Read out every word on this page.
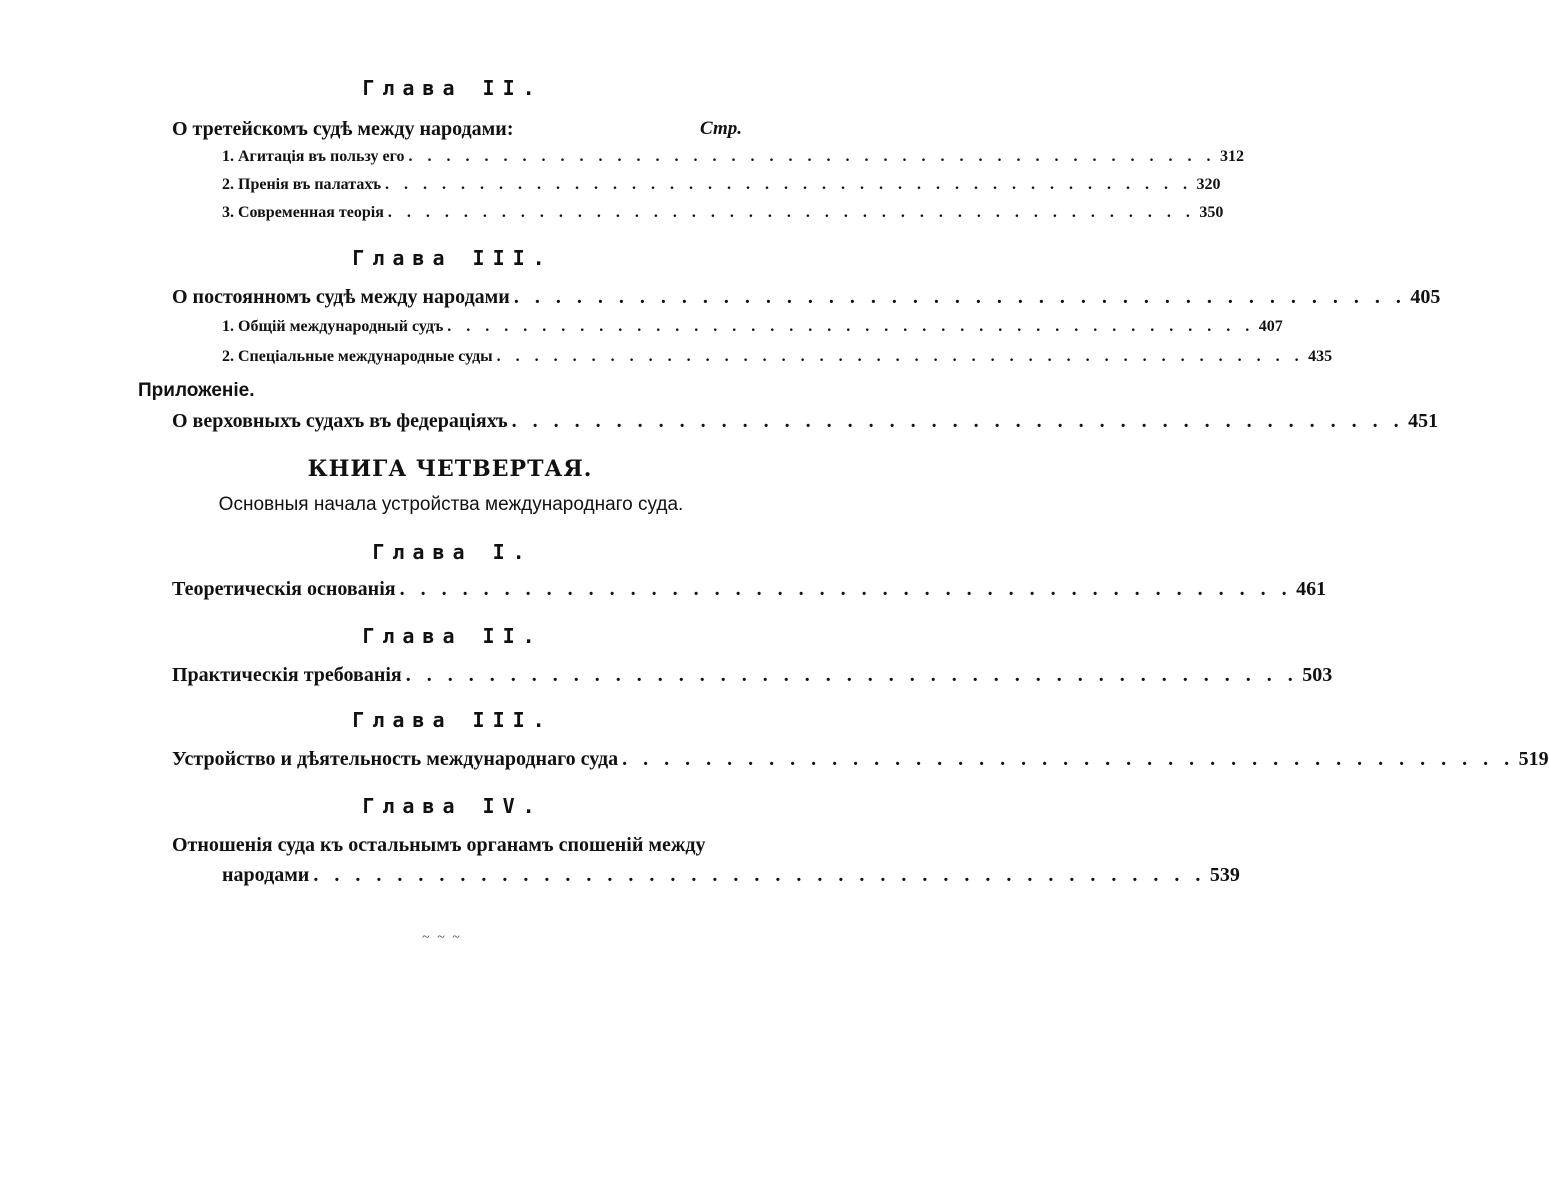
Глава II.
О третейскомъ судѣ между народами:	Стр.
1. Агитація въ пользу его . . . . . . . . . . . . . . . . . . . . . . . . . . . . . . . . . . . . . . . . . . . 312
2. Пренія въ палатахъ . . . . . . . . . . . . . . . . . . . . . . . . . . . . . . . . . . . . . . . . . . . 320
3. Современная теорія . . . . . . . . . . . . . . . . . . . . . . . . . . . . . . . . . . . . . . . . . . . 350
Глава III.
О постоянномъ судѣ между народами . . . . . . . . . . . . . . . . . . . . . . . . . . . . . . . . . . . . . . . . . . . 405
1. Общій международный судъ . . . . . . . . . . . . . . . . . . . . . . . . . . . . . . . . . . . . . . . . . . . 407
2. Спеціальные международные суды . . . . . . . . . . . . . . . . . . . . . . . . . . . . . . . . . . . . . . . . . . . 435
Приложеніе.
О верховныхъ судахъ въ федераціяхъ . . . . . . . . . . . . . . . . . . . . . . . . . . . . . . . . . . . . . . . . . . . 451
КНИГА ЧЕТВЕРТАЯ.
Основныя начала устройства международнаго суда.
Глава I.
Теоретическія основанія . . . . . . . . . . . . . . . . . . . . . . . . . . . . . . . . . . . . . . . . . . . 461
Глава II.
Практическія требованія . . . . . . . . . . . . . . . . . . . . . . . . . . . . . . . . . . . . . . . . . . . 503
Глава III.
Устройство и дѣятельность международнаго суда . . . . . . . . . . . . . . . . . . . . . . . . . . . . . . . . . . . . . . . . . . . 519
Глава IV.
Отношенія суда къ остальнымъ органамъ спошеній между
народами . . . . . . . . . . . . . . . . . . . . . . . . . . . . . . . . . . . . . . . . . . . 539
~ ~ ~
